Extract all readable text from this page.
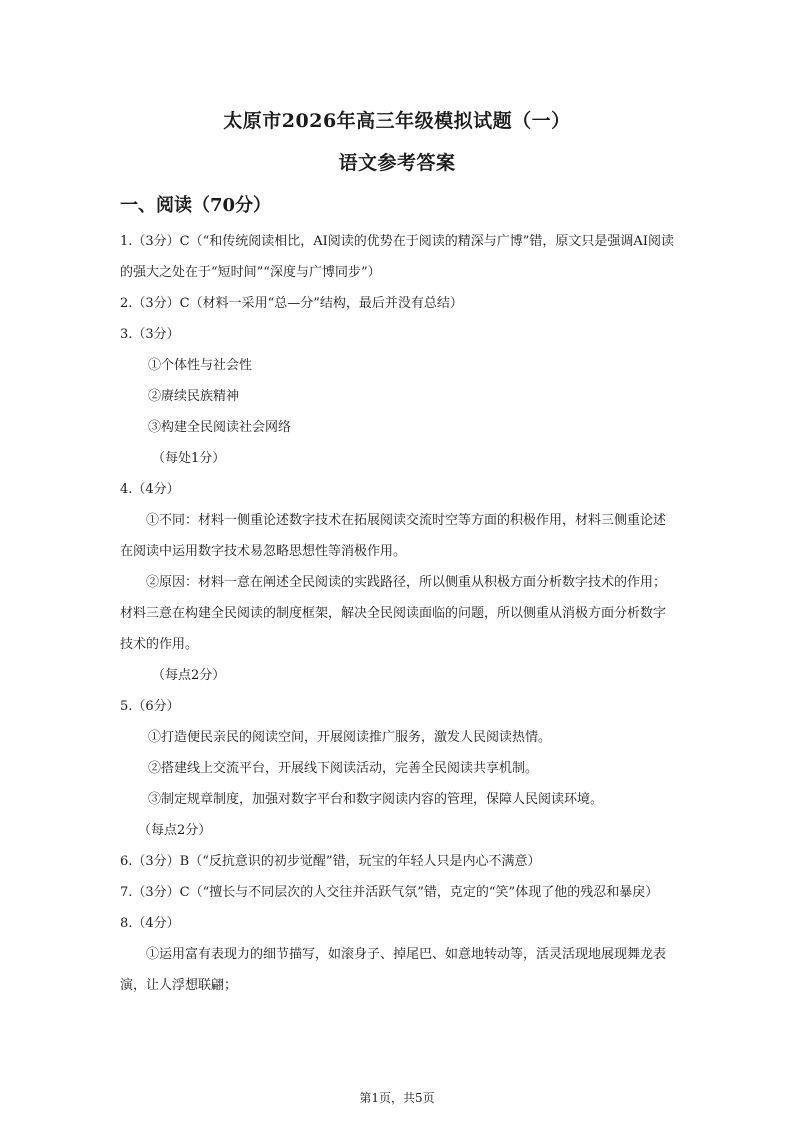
太原市2026年高三年级模拟试题（一）
语文参考答案
一、阅读（70分）

1.（3分）C（“和传统阅读相比，AI阅读的优势在于阅读的精深与广博”错，原文只是强调AI阅读的强大之处在于“短时间”“深度与广博同步”）

2.（3分）C（材料一采用“总—分”结构，最后并没有总结）

3.（3分）

①个体性与社会性

②赓续民族精神

③构建全民阅读社会网络

（每处1分）

4.（4分）

①不同：材料一侧重论述数字技术在拓展阅读交流时空等方面的积极作用，材料三侧重论述在阅读中运用数字技术易忽略思想性等消极作用。

②原因：材料一意在阐述全民阅读的实践路径，所以侧重从积极方面分析数字技术的作用；材料三意在构建全民阅读的制度框架，解决全民阅读面临的问题，所以侧重从消极方面分析数字技术的作用。

（每点2分）

5.（6分）

①打造便民亲民的阅读空间，开展阅读推广服务，激发人民阅读热情。

②搭建线上交流平台，开展线下阅读活动，完善全民阅读共享机制。

③制定规章制度，加强对数字平台和数字阅读内容的管理，保障人民阅读环境。

（每点2分）

6.（3分）B（“反抗意识的初步觉醒”错，玩宝的年轻人只是内心不满意）

7.（3分）C（“擅长与不同层次的人交往并活跃气氛”错，克定的“笑”体现了他的残忍和暴戾）

8.（4分）

①运用富有表现力的细节描写，如滚身子、掉尾巴、如意地转动等，活灵活现地展现舞龙表演，让人浮想联翩；

第1页，共5页
